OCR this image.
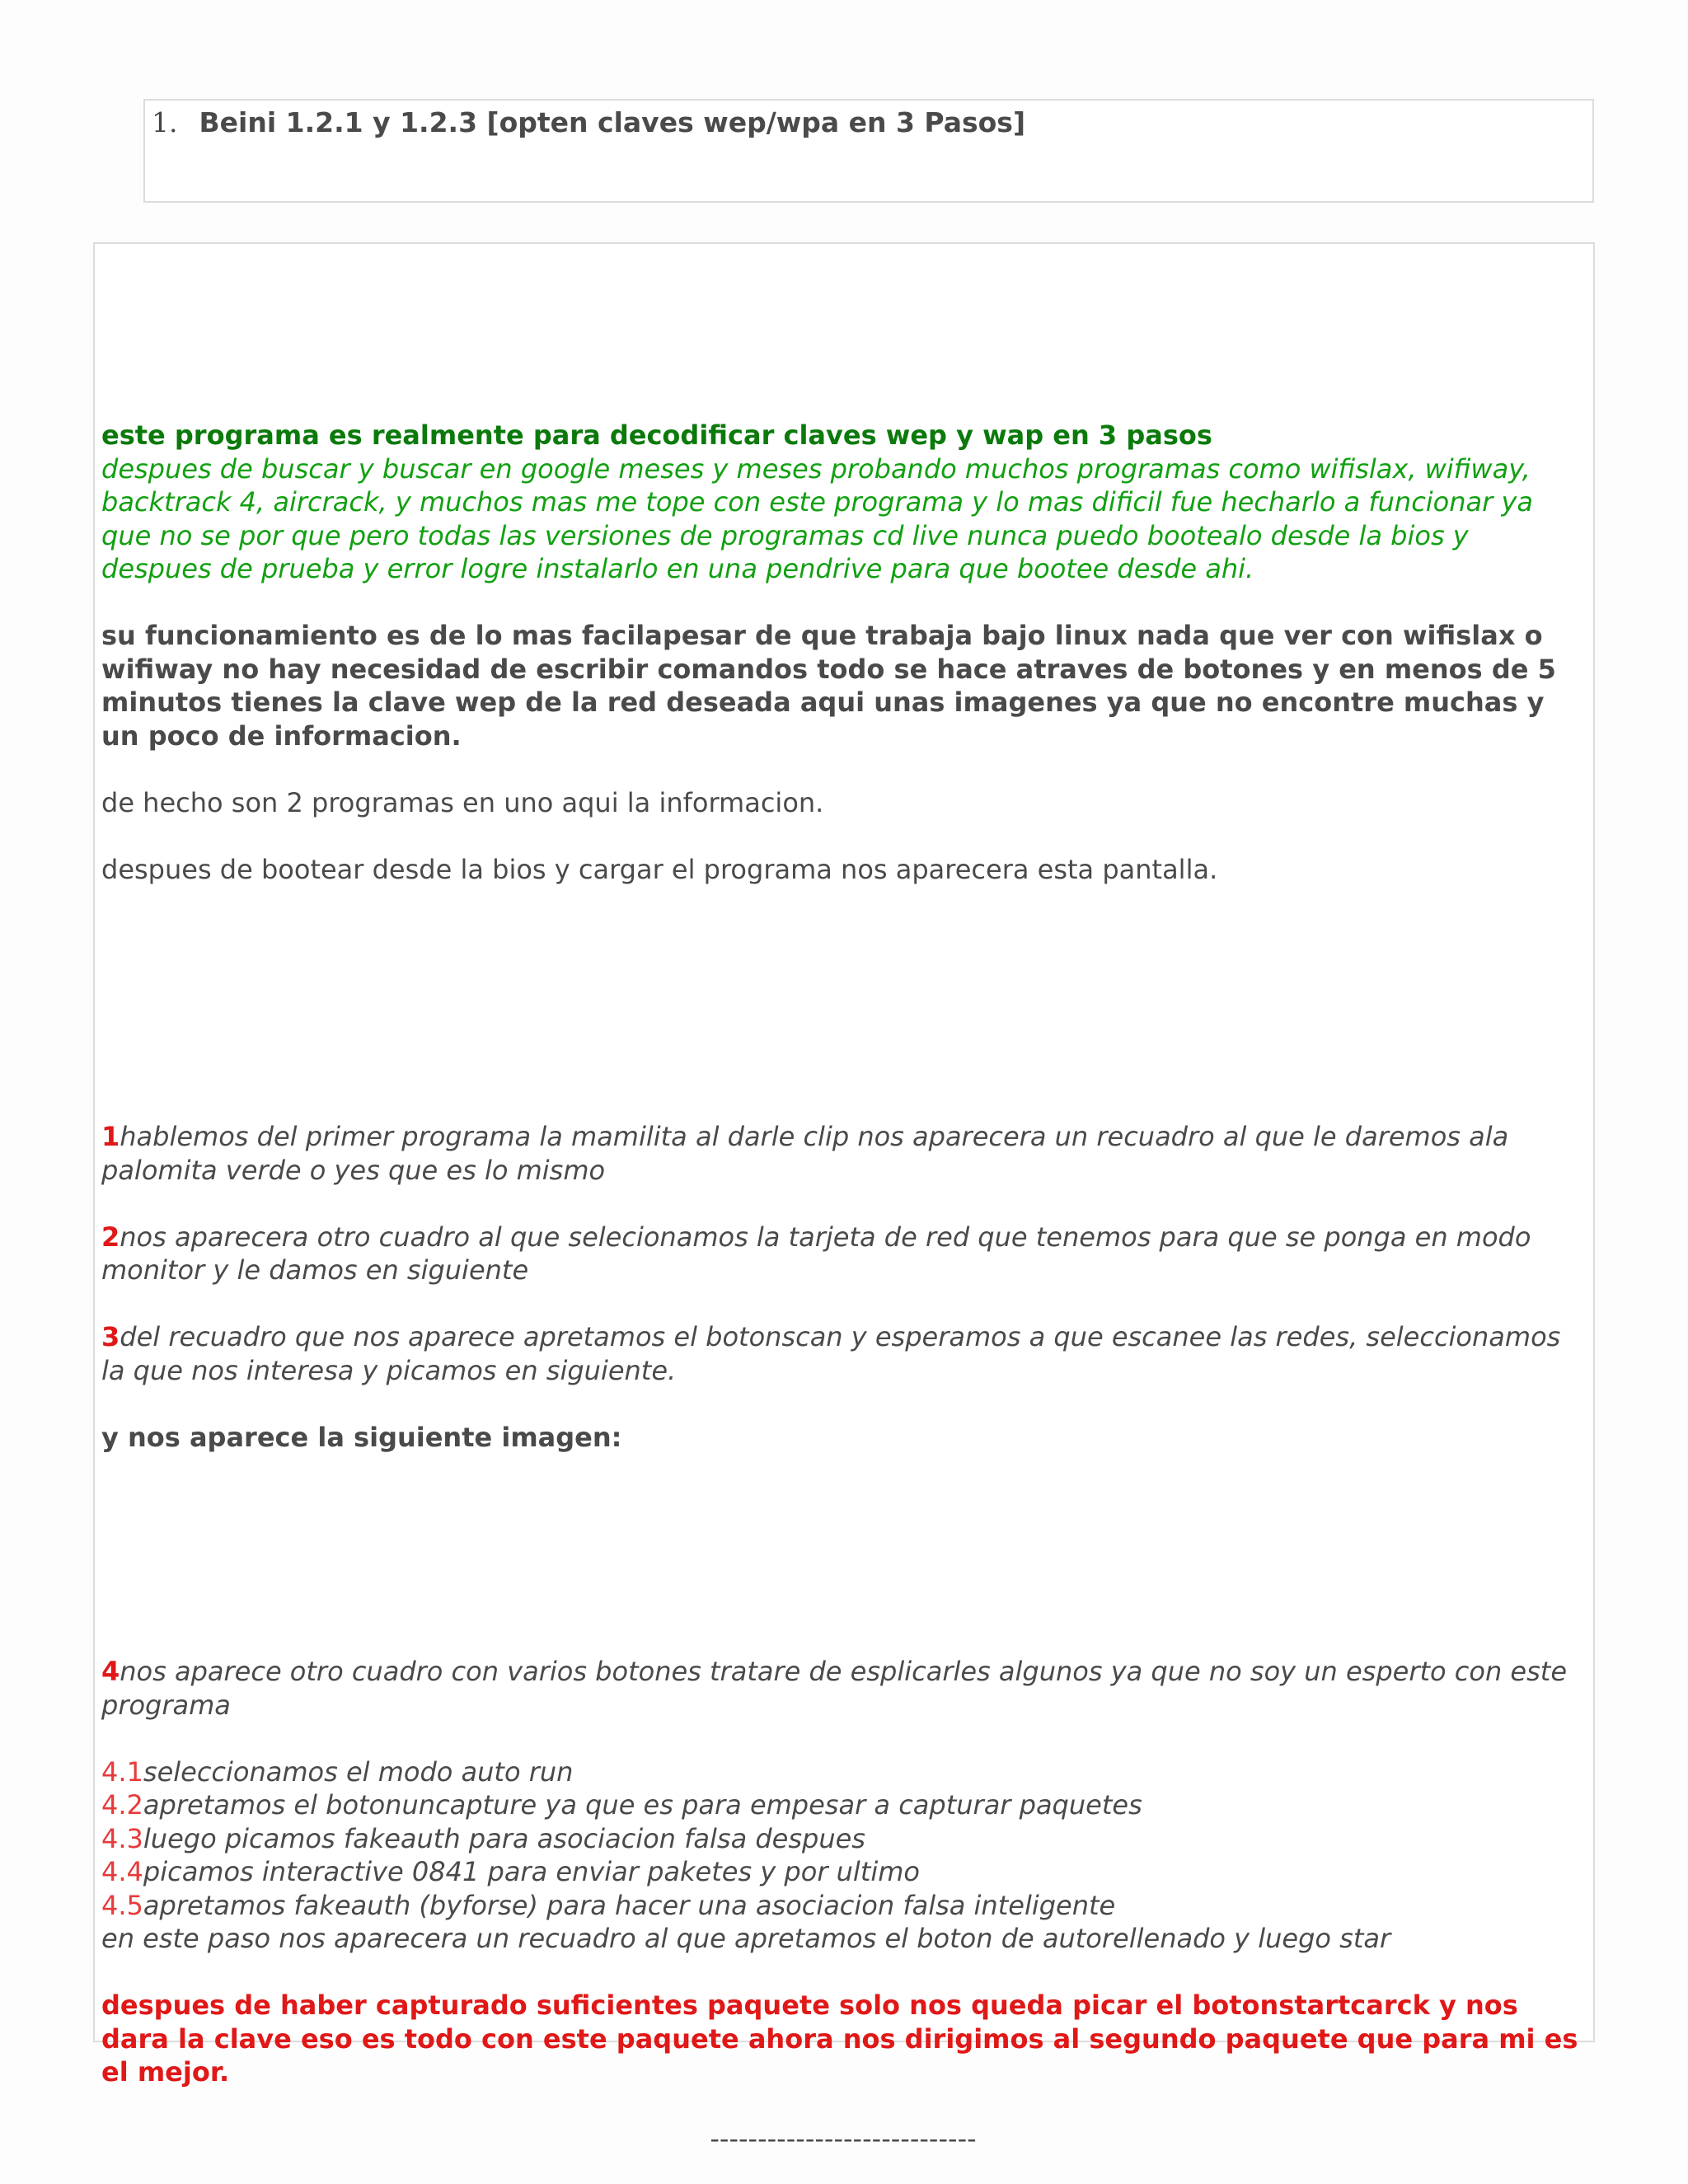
1. Beini 1.2.1 y 1.2.3 [opten claves wep/wpa en 3 Pasos]

este programa es realmente para decodificar claves wep y wap en 3 pasos

despues de buscar y buscar en google meses y meses probando muchos programas como wifislax, wifiway, backtrack 4, aircrack, y muchos mas me tope con este programa y lo mas dificil fue hecharlo a funcionar ya que no se por que pero todas las versiones de programas cd live nunca puedo bootealo desde la bios y despues de prueba y error logre instalarlo en una pendrive para que bootee desde ahi.

su funcionamiento es de lo mas facilapesar de que trabaja bajo linux nada que ver con wifislax o wifiway no hay necesidad de escribir comandos todo se hace atraves de botones y en menos de 5 minutos tienes la clave wep de la red deseada aqui unas imagenes ya que no encontre muchas y un poco de informacion.

de hecho son 2 programas en uno aqui la informacion.

despues de bootear desde la bios y cargar el programa nos aparecera esta pantalla.

1hablemos del primer programa la mamilita al darle clip nos aparecera un recuadro al que le daremos ala palomita verde o yes que es lo mismo

2nos aparecera otro cuadro al que selecionamos la tarjeta de red que tenemos para que se ponga en modo monitor y le damos en siguiente

3del recuadro que nos aparece apretamos el botonscan y esperamos a que escanee las redes, seleccionamos la que nos interesa y picamos en siguiente.

y nos aparece la siguiente imagen:

4nos aparece otro cuadro con varios botones tratare de esplicarles algunos ya que no soy un esperto con este programa

4.1seleccionamos el modo auto run

4.2apretamos el botonuncapture ya que es para empesar a capturar paquetes

4.3luego picamos fakeauth para asociacion falsa despues

4.4picamos interactive 0841 para enviar paketes y por ultimo

4.5apretamos fakeauth (byforse) para hacer una asociacion falsa inteligente

en este paso nos aparecera un recuadro al que apretamos el boton de autorellenado y luego star

despues de haber capturado suficientes paquete solo nos queda picar el botonstartcarck y nos dara la clave eso es todo con este paquete ahora nos dirigimos al segundo paquete que para mi es el mejor.

----------------------------
